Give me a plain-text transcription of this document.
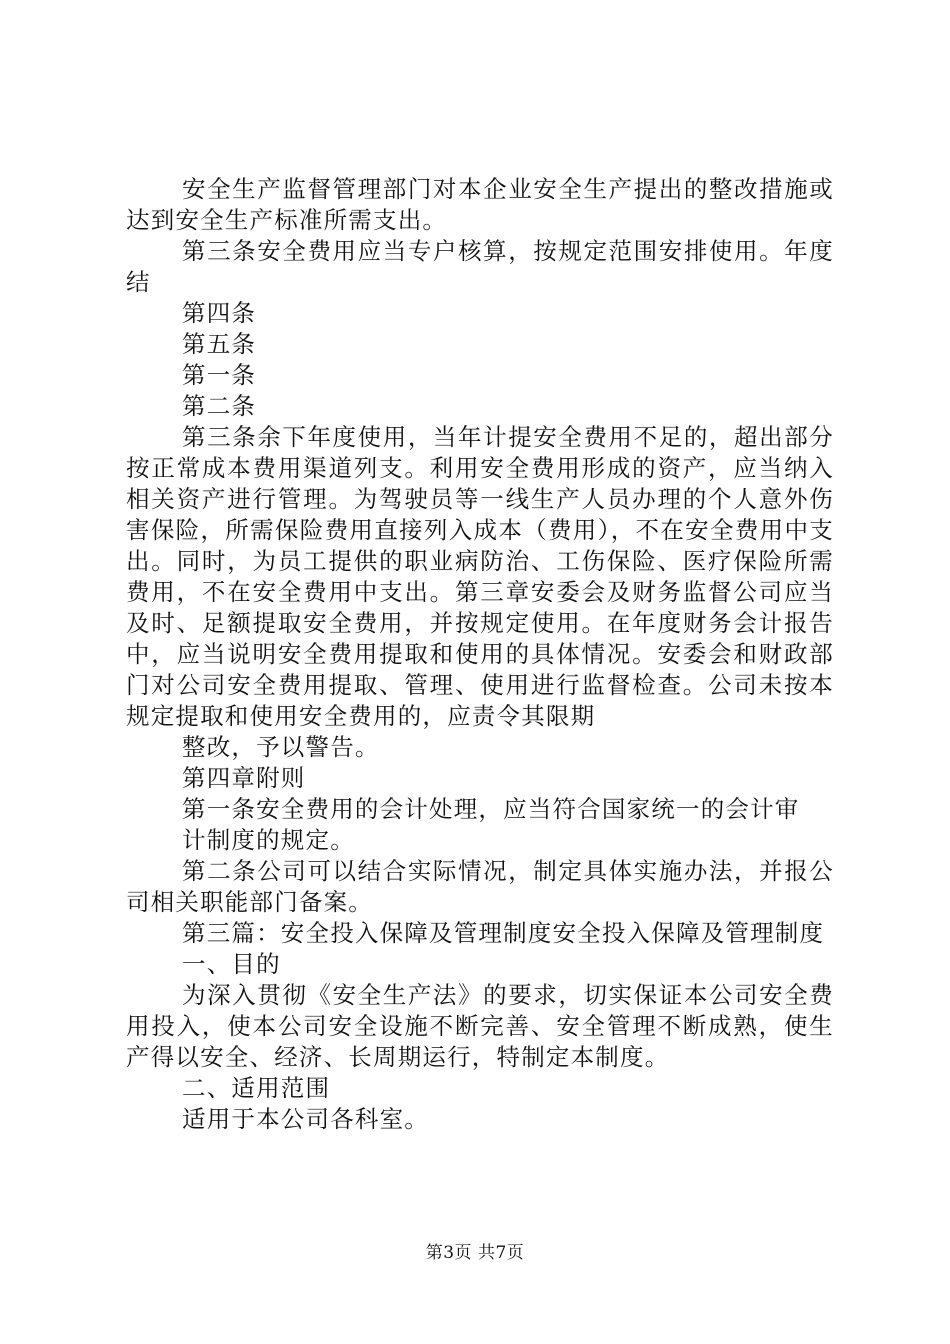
安全生产监督管理部门对本企业安全生产提出的整改措施或达到安全生产标准所需支出。

第三条安全费用应当专户核算，按规定范围安排使用。年度结

第四条

第五条

第一条

第二条

第三条余下年度使用，当年计提安全费用不足的，超出部分按正常成本费用渠道列支。利用安全费用形成的资产，应当纳入相关资产进行管理。为驾驶员等一线生产人员办理的个人意外伤害保险，所需保险费用直接列入成本（费用），不在安全费用中支出。同时，为员工提供的职业病防治、工伤保险、医疗保险所需费用，不在安全费用中支出。第三章安委会及财务监督公司应当及时、足额提取安全费用，并按规定使用。在年度财务会计报告中，应当说明安全费用提取和使用的具体情况。安委会和财政部门对公司安全费用提取、管理、使用进行监督检查。公司未按本规定提取和使用安全费用的，应责令其限期

整改，予以警告。

第四章附则

第一条安全费用的会计处理，应当符合国家统一的会计审

计制度的规定。

第二条公司可以结合实际情况，制定具体实施办法，并报公司相关职能部门备案。

第三篇：安全投入保障及管理制度安全投入保障及管理制度

一、目的

为深入贯彻《安全生产法》的要求，切实保证本公司安全费用投入，使本公司安全设施不断完善、安全管理不断成熟，使生产得以安全、经济、长周期运行，特制定本制度。

二、适用范围

适用于本公司各科室。

第3页 共7页
